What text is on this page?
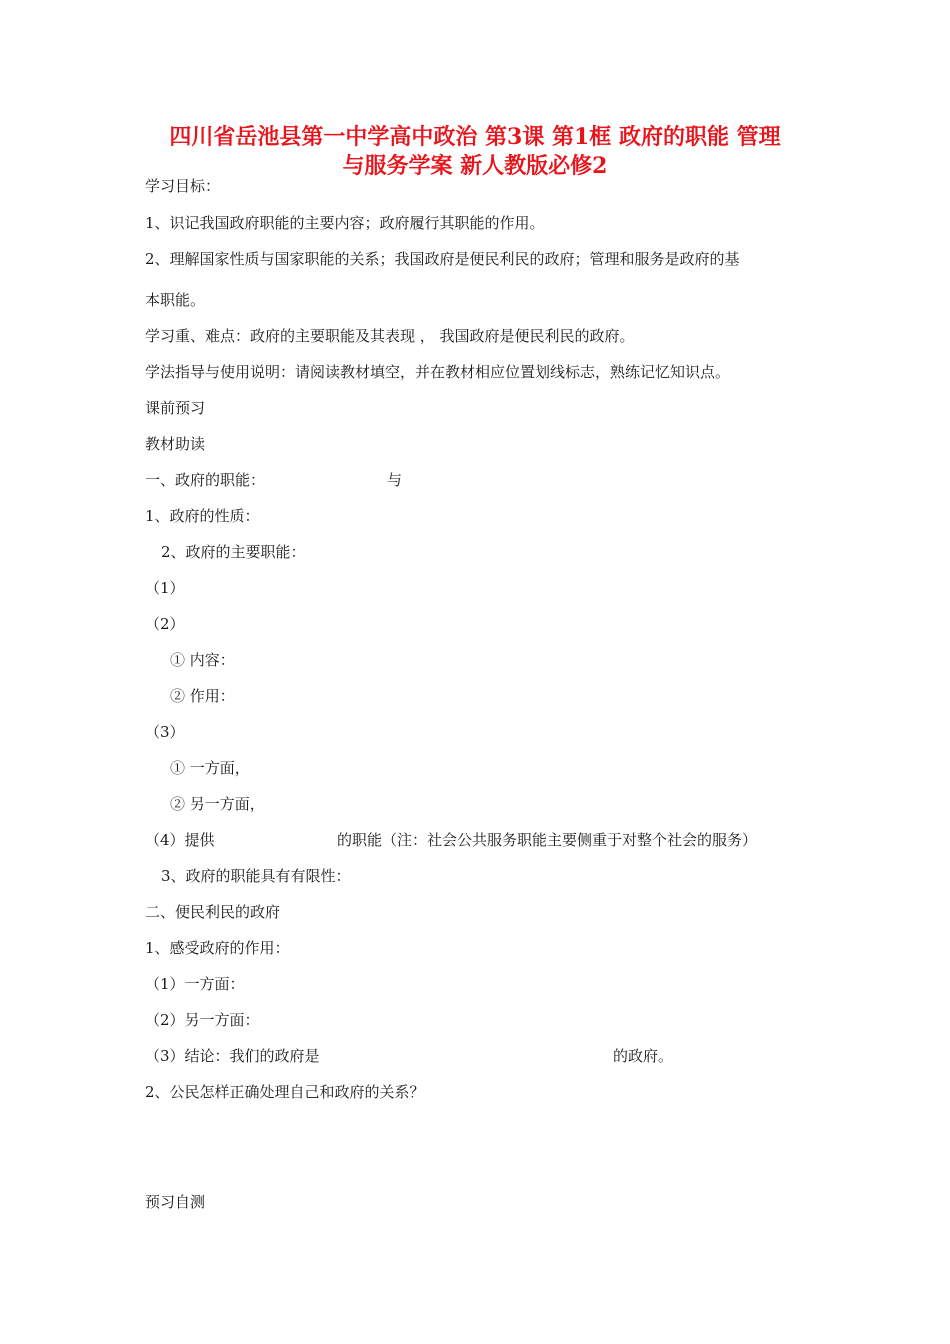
四川省岳池县第一中学高中政治 第3课 第1框 政府的职能 管理
与服务学案 新人教版必修2
学习目标：
1、识记我国政府职能的主要内容；政府履行其职能的作用。
2、理解国家性质与国家职能的关系；我国政府是便民利民的政府；管理和服务是政府的基
本职能。
学习重、难点：政府的主要职能及其表现 ， 我国政府是便民利民的政府。
学法指导与使用说明：请阅读教材填空，并在教材相应位置划线标志，熟练记忆知识点。
课前预习
教材助读

一、政府的职能：

	与

1、政府的性质：
2、政府的主要职能：
（1）
（2）
① 内容：
② 作用：
（3）
① 一方面，
② 另一方面，

（4）提供

	的职能（注：社会公共服务职能主要侧重于对整个社会的服务）

3、政府的职能具有有限性：
二、便民利民的政府
1、感受政府的作用：
（1）一方面：
（2）另一方面：

（3）结论：我们的政府是

	的政府。

2、公民怎样正确处理自己和政府的关系？
预习自测
